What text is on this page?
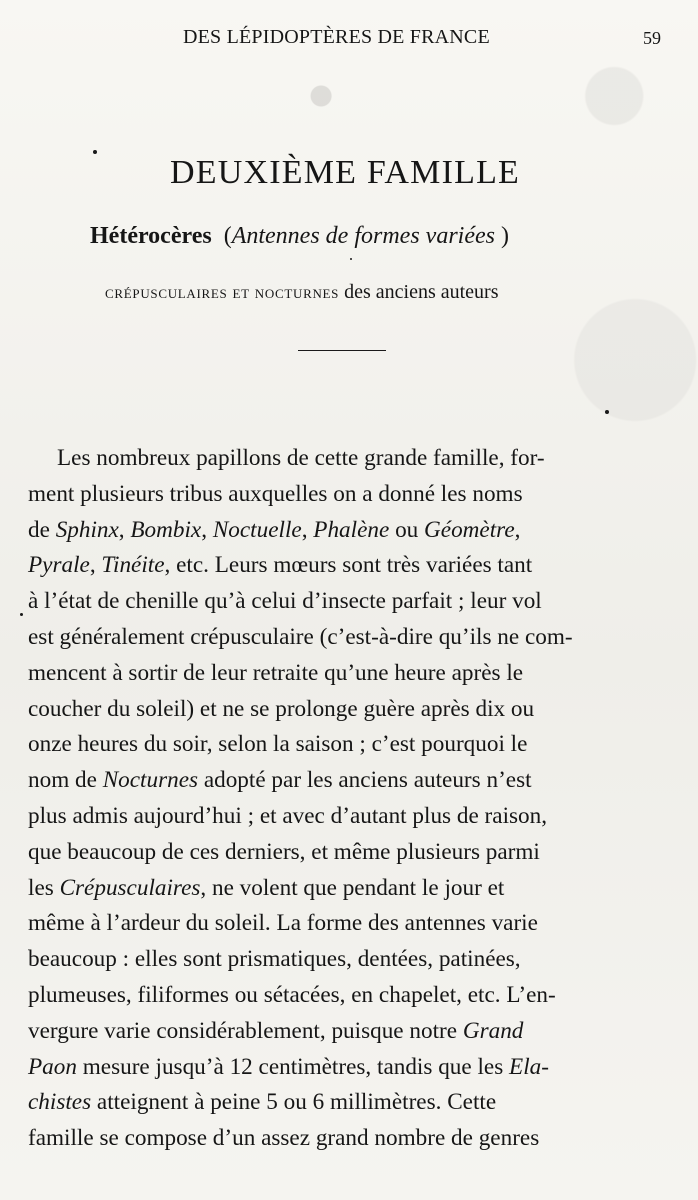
DES LÉPIDOPTÈRES DE FRANCE	59
DEUXIÈME FAMILLE
Hétérocères (Antennes de formes variées )
CRÉPUSCULAIRES ET NOCTURNES des anciens auteurs
Les nombreux papillons de cette grande famille, for-
ment plusieurs tribus auxquelles on a donné les noms
de Sphinx, Bombix, Noctuelle, Phalène ou Géomètre,
Pyrale, Tinéite, etc. Leurs mœurs sont très variées tant
à l’état de chenille qu’à celui d’insecte parfait ; leur vol
est généralement crépusculaire (c’est-à-dire qu’ils ne com-
mencent à sortir de leur retraite qu’une heure après le
coucher du soleil) et ne se prolonge guère après dix ou
onze heures du soir, selon la saison ; c’est pourquoi le
nom de Nocturnes adopté par les anciens auteurs n’est
plus admis aujourd’hui ; et avec d’autant plus de raison,
que beaucoup de ces derniers, et même plusieurs parmi
les Crépusculaires, ne volent que pendant le jour et
même à l’ardeur du soleil. La forme des antennes varie
beaucoup : elles sont prismatiques, dentées, patinées,
plumeuses, filiformes ou sétacées, en chapelet, etc. L’en-
vergure varie considérablement, puisque notre Grand
Paon mesure jusqu’à 12 centimètres, tandis que les Ela-
chistes atteignent à peine 5 ou 6 millimètres. Cette
famille se compose d’un assez grand nombre de genres
